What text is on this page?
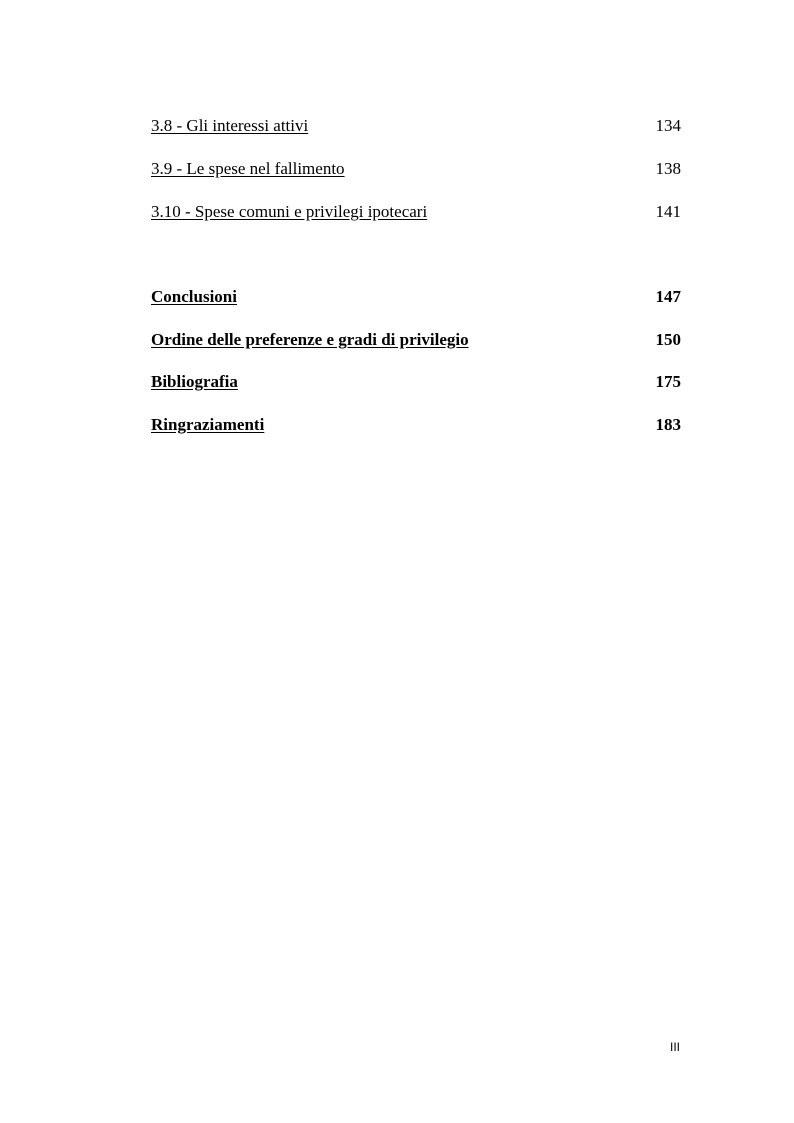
3.8 - Gli interessi attivi	134
3.9 - Le spese nel fallimento	138
3.10 - Spese comuni e privilegi ipotecari	141
Conclusioni	147
Ordine delle preferenze e gradi di privilegio	150
Bibliografia	175
Ringraziamenti	183
III
